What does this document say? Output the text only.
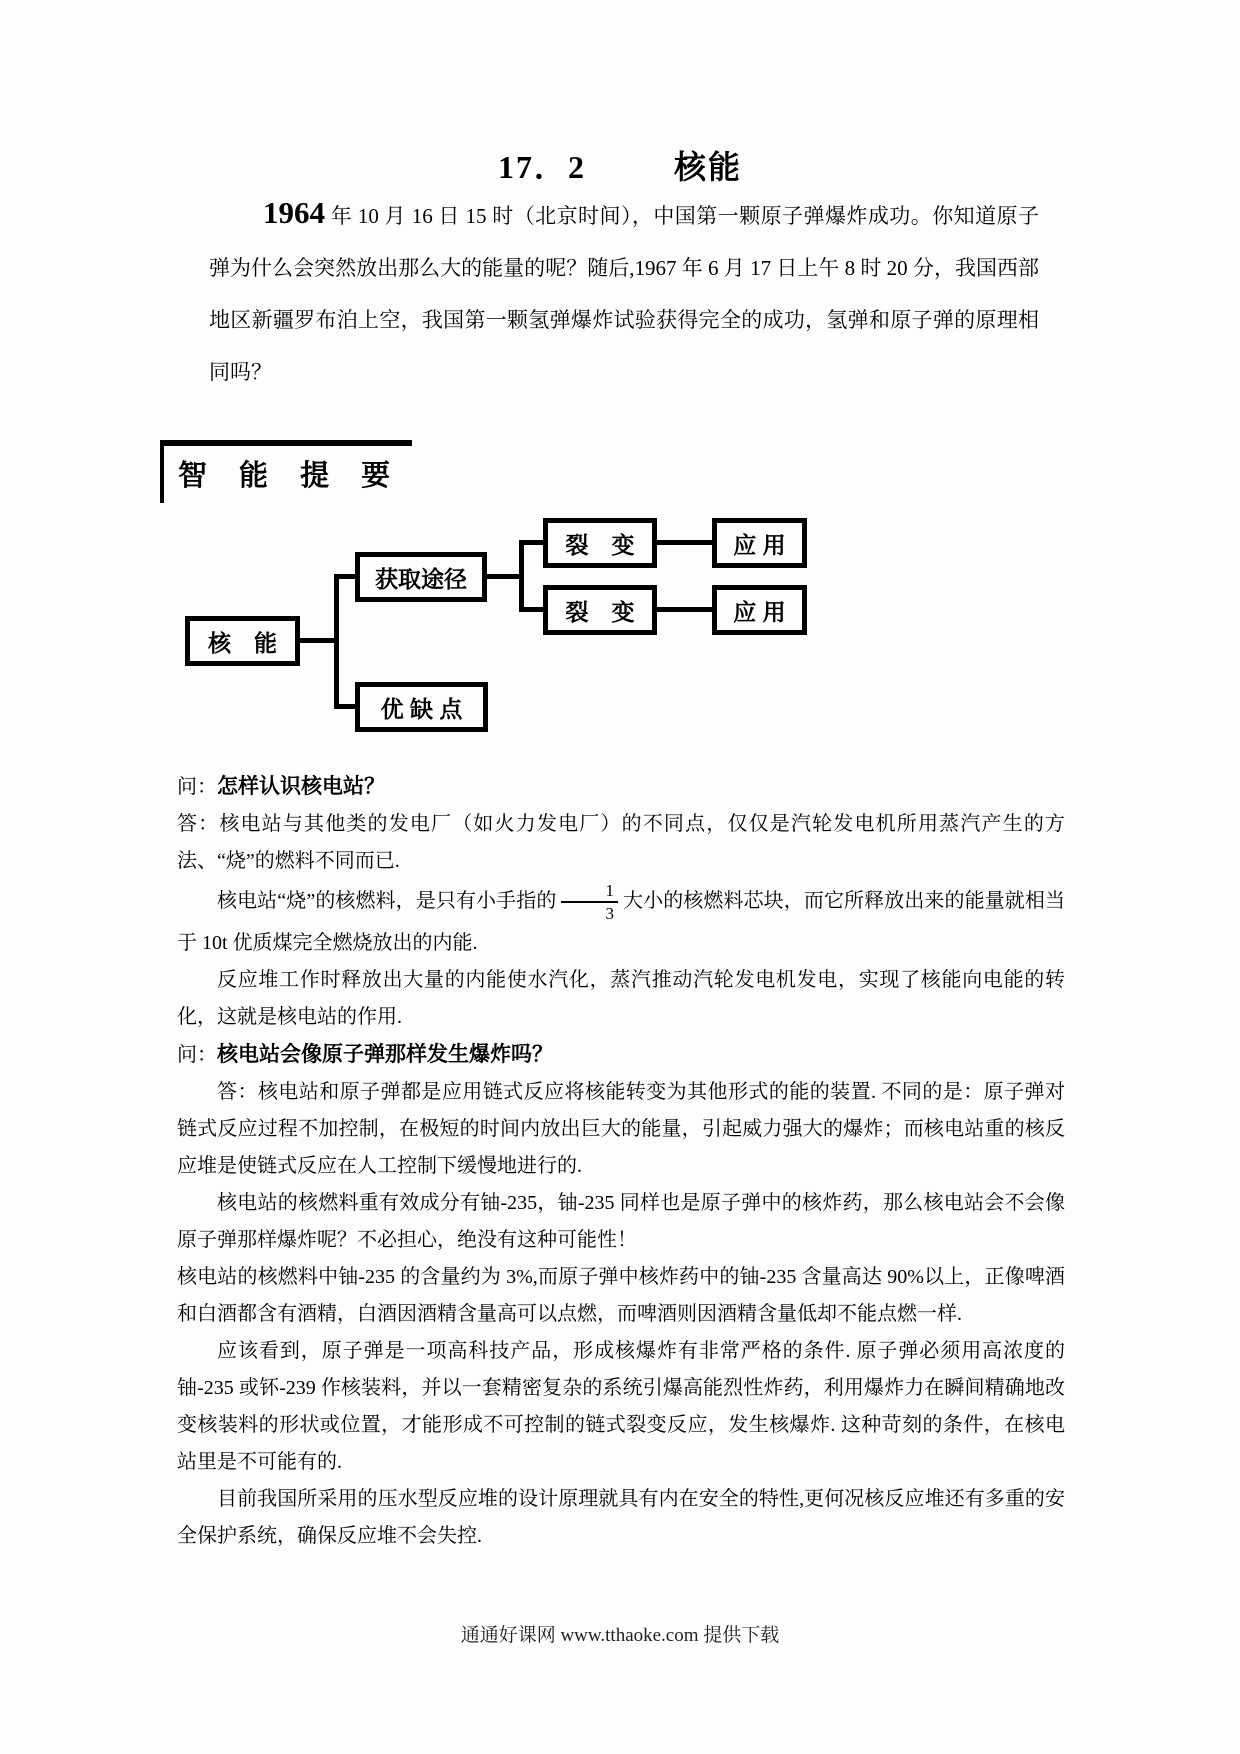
17．2	核能
1964 年 10 月 16 日 15 时（北京时间），中国第一颗原子弹爆炸成功。你知道原子弹为什么会突然放出那么大的能量的呢？随后,1967 年 6 月 17 日上午 8 时 20 分，我国西部地区新疆罗布泊上空，我国第一颗氢弹爆炸试验获得完全的成功，氢弹和原子弹的原理相同吗？
智 能 提 要
核　能
获取途径
优 缺 点
裂　变	应 用
裂　变	应 用

问：怎样认识核电站？

答：核电站与其他类的发电厂（如火力发电厂）的不同点，仅仅是汽轮发电机所用蒸汽产生的方法、“烧”的燃料不同而已.

核电站“烧”的核燃料，是只有小手指的 $\frac{1}{3}$ 大小的核燃料芯块，而它所释放出来的能量就相当于 10t 优质煤完全燃烧放出的内能.

反应堆工作时释放出大量的内能使水汽化，蒸汽推动汽轮发电机发电，实现了核能向电能的转化，这就是核电站的作用.

问：核电站会像原子弹那样发生爆炸吗？

答：核电站和原子弹都是应用链式反应将核能转变为其他形式的能的装置. 不同的是：原子弹对链式反应过程不加控制，在极短的时间内放出巨大的能量，引起威力强大的爆炸；而核电站重的核反应堆是使链式反应在人工控制下缓慢地进行的.

核电站的核燃料重有效成分有铀-235，铀-235 同样也是原子弹中的核炸药，那么核电站会不会像原子弹那样爆炸呢？不必担心，绝没有这种可能性！

核电站的核燃料中铀-235 的含量约为 3%,而原子弹中核炸药中的铀-235 含量高达 90%以上，正像啤酒和白酒都含有酒精，白酒因酒精含量高可以点燃，而啤酒则因酒精含量低却不能点燃一样.

应该看到，原子弹是一项高科技产品，形成核爆炸有非常严格的条件. 原子弹必须用高浓度的铀-235 或钚-239 作核装料，并以一套精密复杂的系统引爆高能烈性炸药，利用爆炸力在瞬间精确地改变核装料的形状或位置，才能形成不可控制的链式裂变反应，发生核爆炸. 这种苛刻的条件，在核电站里是不可能有的.

目前我国所采用的压水型反应堆的设计原理就具有内在安全的特性,更何况核反应堆还有多重的安全保护系统，确保反应堆不会失控.

通通好课网 www.tthaoke.com 提供下载
